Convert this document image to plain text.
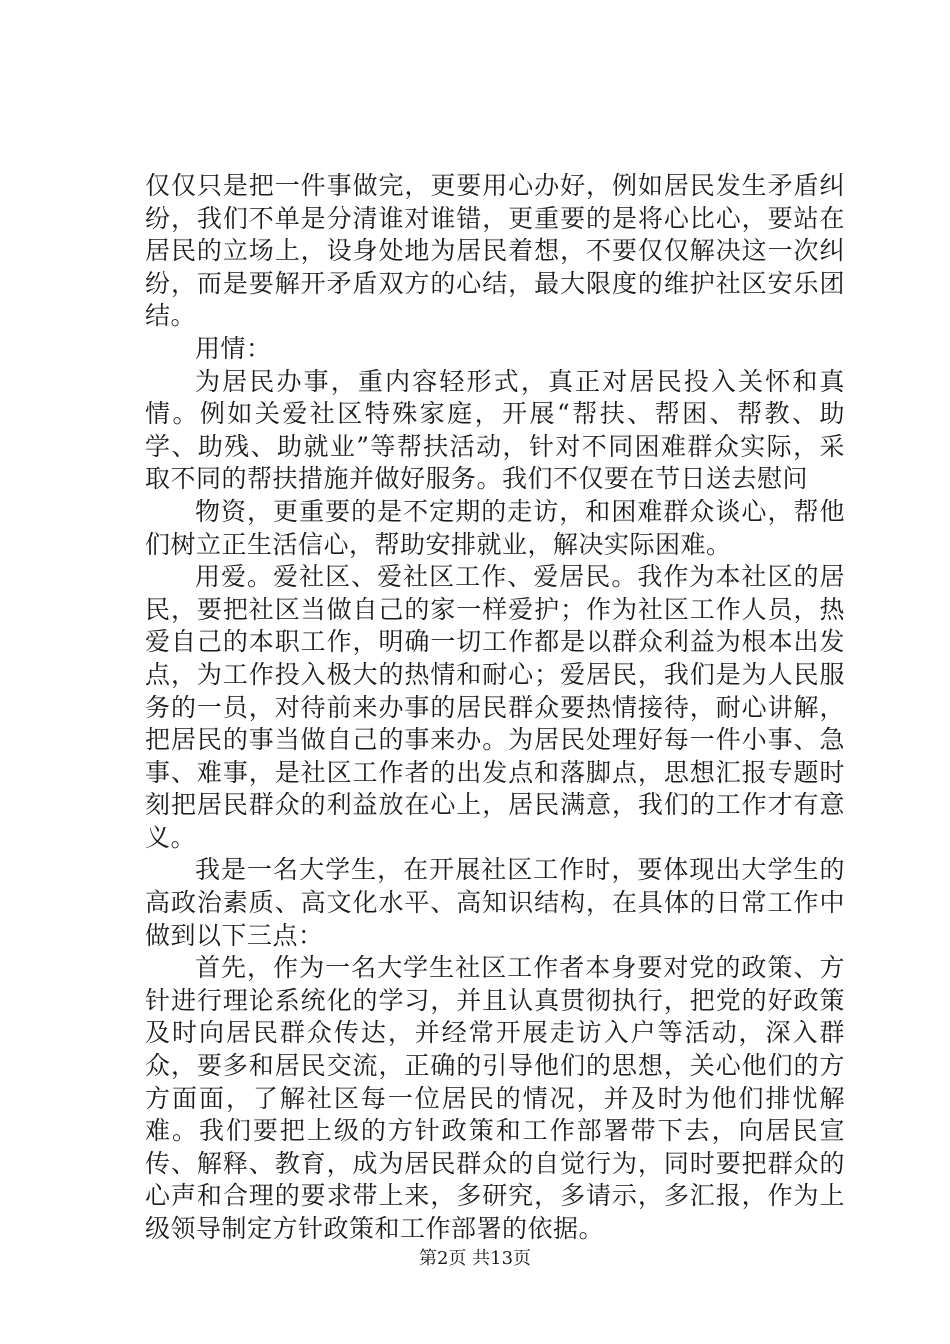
仅仅只是把一件事做完，更要用心办好，例如居民发生矛盾纠纷，我们不单是分清谁对谁错，更重要的是将心比心，要站在居民的立场上，设身处地为居民着想，不要仅仅解决这一次纠纷，而是要解开矛盾双方的心结，最大限度的维护社区安乐团结。

用情：

为居民办事，重内容轻形式，真正对居民投入关怀和真情。例如关爱社区特殊家庭，开展“帮扶、帮困、帮教、助学、助残、助就业”等帮扶活动，针对不同困难群众实际，采取不同的帮扶措施并做好服务。我们不仅要在节日送去慰问

物资，更重要的是不定期的走访，和困难群众谈心，帮他们树立正生活信心，帮助安排就业，解决实际困难。

用爱。爱社区、爱社区工作、爱居民。我作为本社区的居民，要把社区当做自己的家一样爱护；作为社区工作人员，热爱自己的本职工作，明确一切工作都是以群众利益为根本出发点，为工作投入极大的热情和耐心；爱居民，我们是为人民服务的一员，对待前来办事的居民群众要热情接待，耐心讲解，把居民的事当做自己的事来办。为居民处理好每一件小事、急事、难事，是社区工作者的出发点和落脚点，思想汇报专题时刻把居民群众的利益放在心上，居民满意，我们的工作才有意义。

我是一名大学生，在开展社区工作时，要体现出大学生的高政治素质、高文化水平、高知识结构，在具体的日常工作中做到以下三点：

首先，作为一名大学生社区工作者本身要对党的政策、方针进行理论系统化的学习，并且认真贯彻执行，把党的好政策及时向居民群众传达，并经常开展走访入户等活动，深入群众，要多和居民交流，正确的引导他们的思想，关心他们的方方面面，了解社区每一位居民的情况，并及时为他们排忧解难。我们要把上级的方针政策和工作部署带下去，向居民宣传、解释、教育，成为居民群众的自觉行为，同时要把群众的心声和合理的要求带上来，多研究，多请示，多汇报，作为上级领导制定方针政策和工作部署的依据。

第2页 共13页
